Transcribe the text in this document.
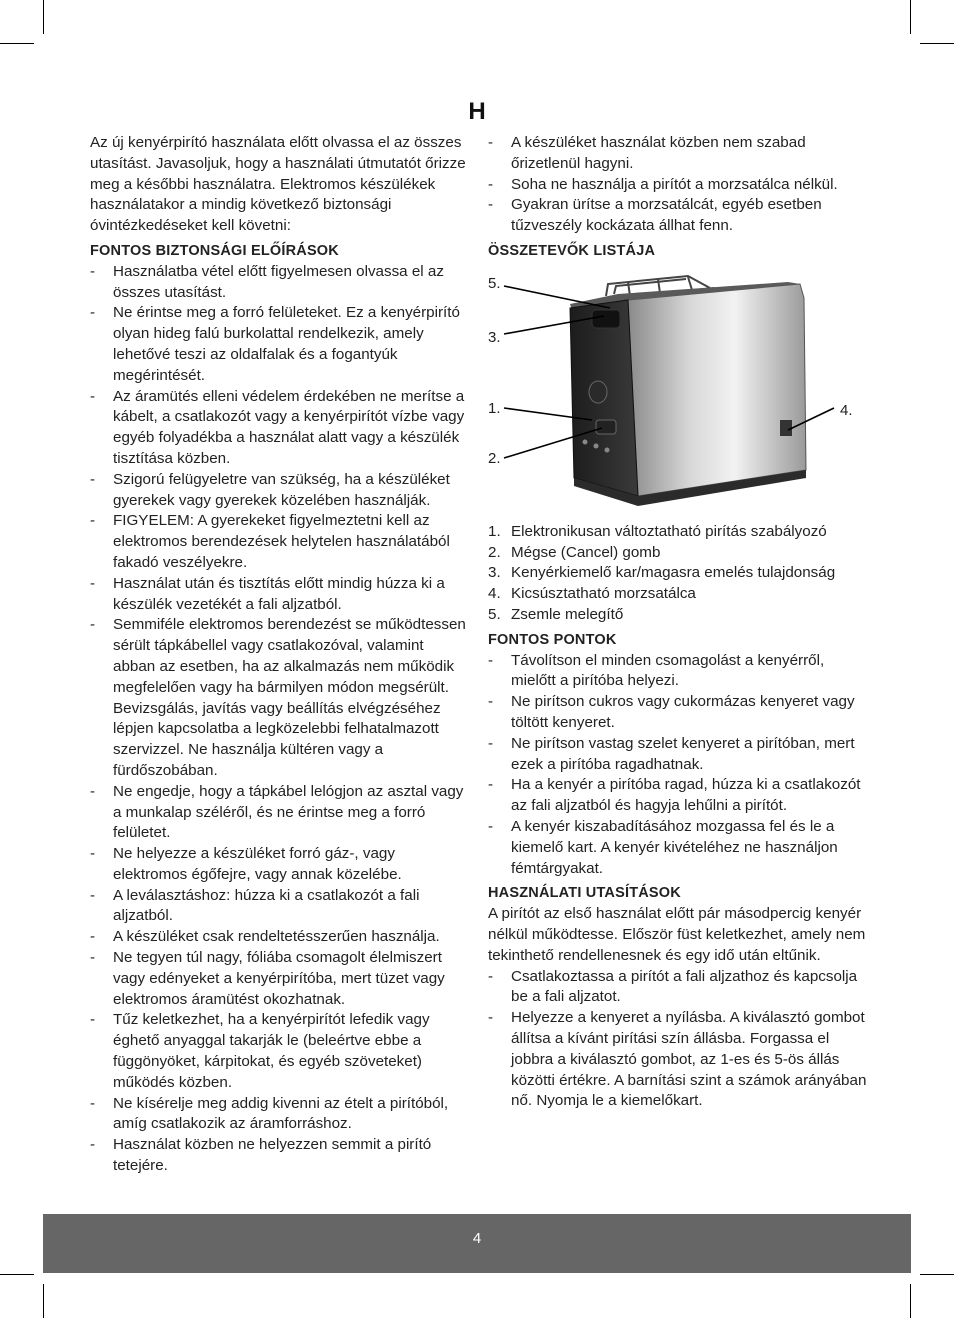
H

Az új kenyérpirító használata előtt olvassa el az összes utasítást. Javasoljuk, hogy a használati útmutatót őrizze meg a későbbi használatra. Elektromos készülékek használatakor a mindig következő biztonsági óvintézkedéseket kell követni:

FONTOS BIZTONSÁGI ELŐÍRÁSOK

- Használatba vétel előtt figyelmesen olvassa el az összes utasítást.
- Ne érintse meg a forró felületeket. Ez a kenyérpirító olyan hideg falú burkolattal rendelkezik, amely lehetővé teszi az oldalfalak és a fogantyúk megérintését.
- Az áramütés elleni védelem érdekében ne merítse a kábelt, a csatlakozót vagy a kenyérpirítót vízbe vagy egyéb folyadékba a használat alatt vagy a készülék tisztítása közben.
- Szigorú felügyeletre van szükség, ha a készüléket gyerekek vagy gyerekek közelében használják.
- FIGYELEM: A gyerekeket figyelmeztetni kell az elektromos berendezések helytelen használatából fakadó veszélyekre.
- Használat után és tisztítás előtt mindig húzza ki a készülék vezetékét a fali aljzatból.
- Semmiféle elektromos berendezést se működtessen sérült tápkábellel vagy csatlakozóval, valamint abban az esetben, ha az alkalmazás nem működik megfelelően vagy ha bármilyen módon megsérült. Bevizsgálás, javítás vagy beállítás elvégzéséhez lépjen kapcsolatba a legközelebbi felhatalmazott szervizzel. Ne használja kültéren vagy a fürdőszobában.
- Ne engedje, hogy a tápkábel lelógjon az asztal vagy a munkalap széléről, és ne érintse meg a forró felületet.
- Ne helyezze a készüléket forró gáz-, vagy elektromos égőfejre, vagy annak közelébe.
- A leválasztáshoz: húzza ki a csatlakozót a fali aljzatból.
- A készüléket csak rendeltetésszerűen használja.
- Ne tegyen túl nagy, fóliába csomagolt élelmiszert vagy edényeket a kenyérpirítóba, mert tüzet vagy elektromos áramütést okozhatnak.
- Tűz keletkezhet, ha a kenyérpirítót lefedik vagy éghető anyaggal takarják le (beleértve ebbe a függönyöket, kárpitokat, és egyéb szöveteket) működés közben.
- Ne kísérelje meg addig kivenni az ételt a pirítóból, amíg csatlakozik az áramforráshoz.
- Használat közben ne helyezzen semmit a pirító tetejére.
- A készüléket használat közben nem szabad őrizetlenül hagyni.
- Soha ne használja a pirítót a morzsatálca nélkül.
- Gyakran ürítse a morzsatálcát, egyéb esetben tűzveszély kockázata állhat fenn.

ÖSSZETEVŐK LISTÁJA

5.
3.
1.
2.
4.
1. Elektronikusan változtatható pirítás szabályozó
2. Mégse (Cancel) gomb
3. Kenyérkiemelő kar/magasra emelés tulajdonság
4. Kicsúsztatható morzsatálca
5. Zsemle melegítő

FONTOS PONTOK

- Távolítson el minden csomagolást a kenyérről, mielőtt a pirítóba helyezi.
- Ne pirítson cukros vagy cukormázas kenyeret vagy töltött kenyeret.
- Ne pirítson vastag szelet kenyeret a pirítóban, mert ezek a pirítóba ragadhatnak.
- Ha a kenyér a pirítóba ragad, húzza ki a csatlakozót az fali aljzatból és hagyja lehűlni a pirítót.
- A kenyér kiszabadításához mozgassa fel és le a kiemelő kart. A kenyér kivételéhez ne használjon fémtárgyakat.

HASZNÁLATI UTASÍTÁSOK

A pirítót az első használat előtt pár másodpercig kenyér nélkül működtesse. Először füst keletkezhet, amely nem tekinthető rendellenesnek és egy idő után eltűnik.

- Csatlakoztassa a pirítót a fali aljzathoz és kapcsolja be a fali aljzatot.
- Helyezze a kenyeret a nyílásba. A kiválasztó gombot állítsa a kívánt pirítási szín állásba. Forgassa el jobbra a kiválasztó gombot, az 1-es és 5-ös állás közötti értékre. A barnítási szint a számok arányában nő. Nyomja le a kiemelőkart.
4
